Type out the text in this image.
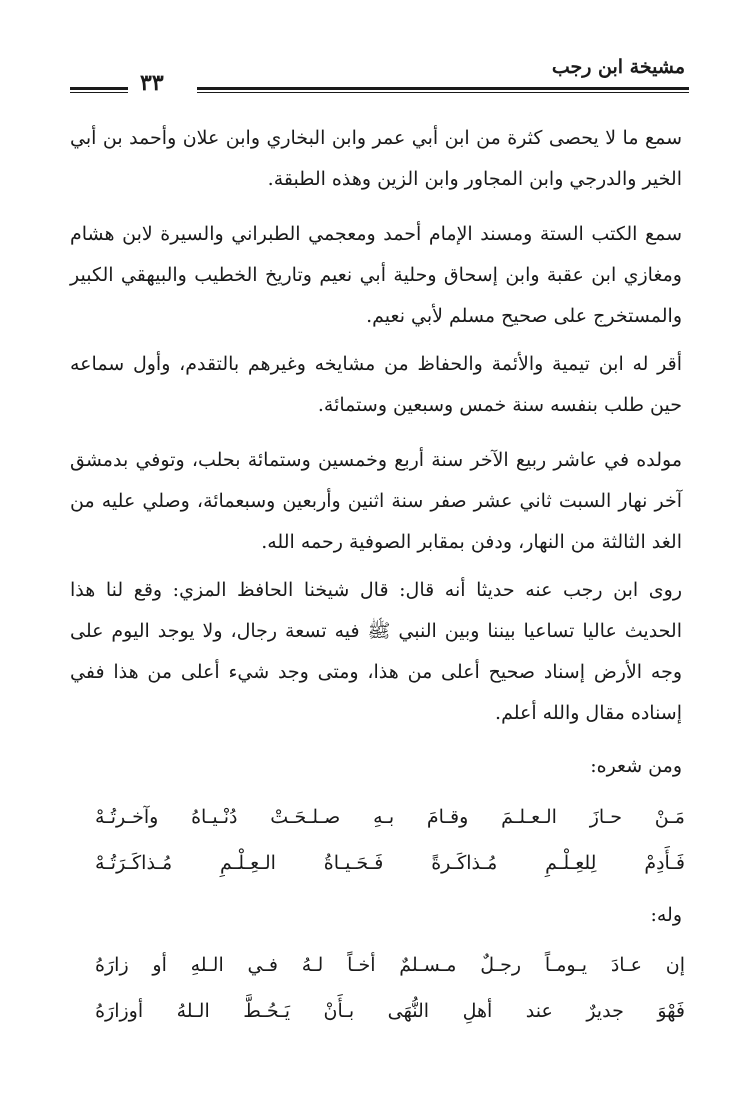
مشيخة ابن رجب
٣٣

سمع ما لا يحصى كثرة من ابن أبي عمر وابن البخاري وابن علان وأحمد بن أبي الخير والدرجي وابن المجاور وابن الزين وهذه الطبقة.

سمع الكتب الستة ومسند الإمام أحمد ومعجمي الطبراني والسيرة لابن هشام ومغازي ابن عقبة وابن إسحاق وحلية أبي نعيم وتاريخ الخطيب والبيهقي الكبير والمستخرج على صحيح مسلم لأبي نعيم.

أقر له ابن تيمية والأئمة والحفاظ من مشايخه وغيرهم بالتقدم، وأول سماعه حين طلب بنفسه سنة خمس وسبعين وستمائة.

مولده في عاشر ربيع الآخر سنة أربع وخمسين وستمائة بحلب، وتوفي بدمشق آخر نهار السبت ثاني عشر صفر سنة اثنين وأربعين وسبعمائة، وصلي عليه من الغد الثالثة من النهار، ودفن بمقابر الصوفية رحمه الله.

روى ابن رجب عنه حديثا أنه قال: قال شيخنا الحافظ المزي: وقع لنا هذا الحديث عاليا تساعيا بيننا وبين النبي ﷺ فيه تسعة رجال، ولا يوجد اليوم على وجه الأرض إسناد صحيح أعلى من هذا، ومتى وجد شيء أعلى من هذا ففي إسناده مقال والله أعلم.

ومن شعره:
مَـنْ
حـازَ
الـعـلـمَ
وقـامَ
بـهِ
صـلـحَـتْ
دُنْـيـاهُ
وآخـرتُـهْ
فَـأَدِمْ
لِلعِـلْـمِ
مُـذاكَـرةً
فَـحَـيـاةُ
الـعِـلْـمِ
مُـذاكَـرَتُـهْ
وله:
إن
عـادَ
يـومـاً
رجـلٌ
مـسـلمٌ
أخـاً
لـهُ
فـي
الـلهِ
أو
زارَهُ
فَهْوَ
جديرٌ
عند
أهلِ
النُّهَى
بـأَنْ
يَـحُـطَّ
الـلهُ
أوزارَهُ
